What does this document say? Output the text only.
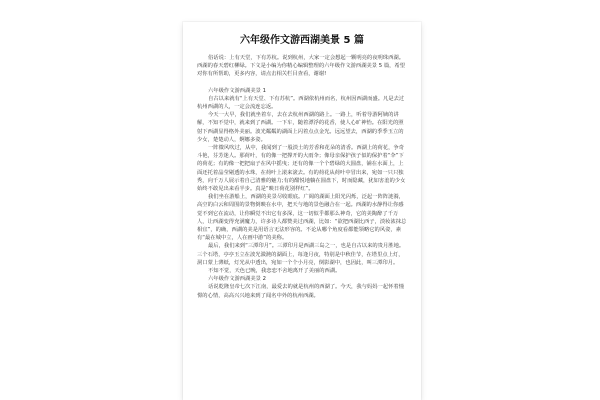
六年级作文游西湖美景 5 篇

俗话说：上有天堂，下有苏杭。说到杭州，大家一定会想起一颗明亮的夜明珠西湖。西湖的春天碧红柳绿。下文是小编为你精心编辑整理的六年级作文游西湖美景 5 篇，希望对你有所帮助，更多内容，请点击相关栏目查看，谢谢!

六年级作文游西湖美景 1

自古以来就有“上有天堂、下有苏杭”。西湖依杭州而名，杭州因西湖而盛。凡是去过杭州西湖的人，一定会流连忘返。

今天一大早，我们就坐着车，去在去杭州西湖的路上。一路上，听着导游阿姨的讲解，不知不觉中，就来到了西湖。一下车，随着漂浮的花香，使人心旷神怡。在阳光的照射下西湖显得格外美丽。波光粼粼的湖面上闪着点点金光。远远望去，西湖的季季玉立的少女，楚楚动人，婀娜多姿。

一阵微风吹过，从中，我闻到了一股淡土的芳香和花朵的清香。西湖上的荷花，争奇斗艳，芬芳迷人。那荷叶，有的像一把撑开的大雨伞；像母亲保护孩子似的保护着“伞”下的荷花；有的像一把把扇子在风中摇曳；还有的像一个个碧绿的大圆盘，铺在水面上，上面还托着晶莹剔透的水珠，在荷叶上滚来滚去。有的荷花从荷叶中冒出来，宛如一只只独秀，向千万人展示着自己清雅的魅力;有的酣悦地躺在圆盘下，时而隐藏，犹如害羞的少女始终不敢见出来看半步。真是“映日荷花别样红”。

我们坐在游船上，西湖的美景尽收眼底。广阔的湖面上阳光闪烁，泛起一阵阵涟漪，高空的白云和周围的景物倒映在水中，把天与地的景色融合在一起。西湖的水静得让你感觉不到它在流动，让你瞬觉不出它有多深，这一切似乎都那么神奇，它的美陶醉了千万人，让西湖变得充满魔力，许多诗人都赞美过西湖，比如：“欲把西湖比西子，淡妆浓抹总相宜”，的确，西湖的美是用语言无法形容的。不论从哪个角度看都能领略它的风姿，素有“最在城中立，人在画中游”的美称。

最后，我们来到“三潭印月”。三潭印月是西湖三岛之一，也是自古以来的贵月胜地。三个石塔，亭亭玉立在波光潋滟的湖面上，每逢月夜，特别是中秋佳节，在塔里点上灯，洞口蒙上薄纸，灯光从中透出，宛如一个个小月亮，倒影湖中，也因此，叫三潭印月。

不知不觉，天色已晚，我恋恋不舍地离开了美丽的西湖。

六年级作文游西湖美景 2

话说乾隆皇帝七次下江南，最爱去的就是杭州的西湖了。今天，我与妈妈一起怀着憧憬的心情，高高兴兴地来到了闻名中外的杭州西湖。
